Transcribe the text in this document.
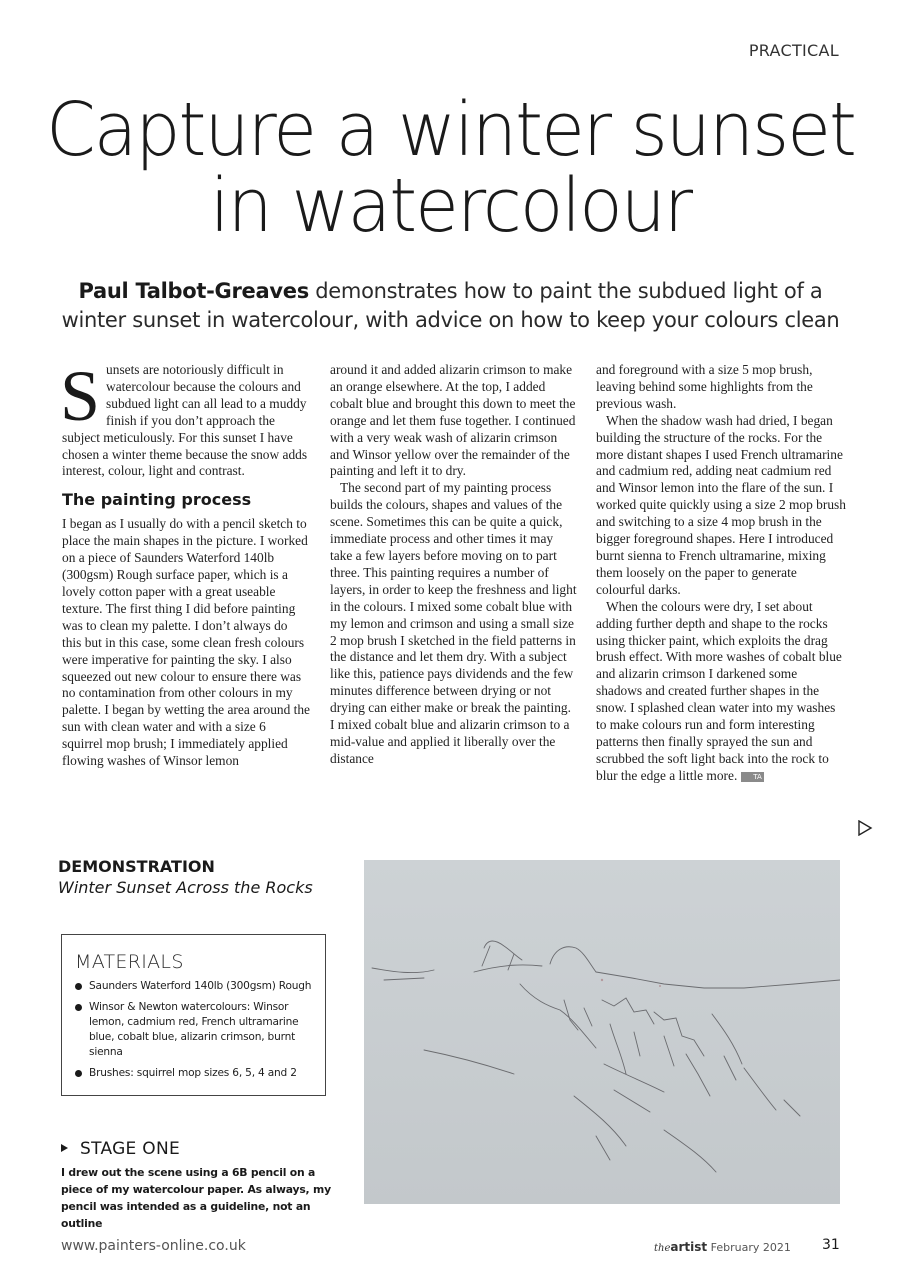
PRACTICAL
Capture a winter sunset
in watercolour
Paul Talbot-Greaves demonstrates how to paint the subdued light of a winter sunset in watercolour, with advice on how to keep your colours clean

Sunsets are notoriously difficult in watercolour because the colours and subdued light can all lead to a muddy finish if you don’t approach the subject meticulously. For this sunset I have chosen a winter theme because the snow adds interest, colour, light and contrast.

The painting process

I began as I usually do with a pencil sketch to place the main shapes in the picture. I worked on a piece of Saunders Waterford 140lb (300gsm) Rough surface paper, which is a lovely cotton paper with a great useable texture. The first thing I did before painting was to clean my palette. I don’t always do this but in this case, some clean fresh colours were imperative for painting the sky. I also squeezed out new colour to ensure there was no contamination from other colours in my palette. I began by wetting the area around the sun with clean water and with a size 6 squirrel mop brush; I immediately applied flowing washes of Winsor lemon

around it and added alizarin crimson to make an orange elsewhere. At the top, I added cobalt blue and brought this down to meet the orange and let them fuse together. I continued with a very weak wash of alizarin crimson and Winsor yellow over the remainder of the painting and left it to dry.

The second part of my painting process builds the colours, shapes and values of the scene. Sometimes this can be quite a quick, immediate process and other times it may take a few layers before moving on to part three. This painting requires a number of layers, in order to keep the freshness and light in the colours. I mixed some cobalt blue with my lemon and crimson and using a small size 2 mop brush I sketched in the field patterns in the distance and let them dry. With a subject like this, patience pays dividends and the few minutes difference between drying or not drying can either make or break the painting. I mixed cobalt blue and alizarin crimson to a mid-value and applied it liberally over the distance

and foreground with a size 5 mop brush, leaving behind some highlights from the previous wash.

When the shadow wash had dried, I began building the structure of the rocks. For the more distant shapes I used French ultramarine and cadmium red, adding neat cadmium red and Winsor lemon into the flare of the sun. I worked quite quickly using a size 2 mop brush and switching to a size 4 mop brush in the bigger foreground shapes. Here I introduced burnt sienna to French ultramarine, mixing them loosely on the paper to generate colourful darks.

When the colours were dry, I set about adding further depth and shape to the rocks using thicker paint, which exploits the drag brush effect. With more washes of cobalt blue and alizarin crimson I darkened some shadows and created further shapes in the snow. I splashed clean water into my washes to make colours run and form interesting patterns then finally sprayed the sun and scrubbed the soft light back into the rock to blur the edge a little more. TA

DEMONSTRATION
Winter Sunset Across the Rocks
MATERIALS
Saunders Waterford 140lb (300gsm) Rough
Winsor & Newton watercolours: Winsor lemon, cadmium red, French ultramarine blue, cobalt blue, alizarin crimson, burnt sienna
Brushes: squirrel mop sizes 6, 5, 4 and 2
STAGE ONE
I drew out the scene using a 6B pencil on a piece of my watercolour paper. As always, my pencil was intended as a guideline, not an outline
www.painters-online.co.uk	theartist February 2021 31
